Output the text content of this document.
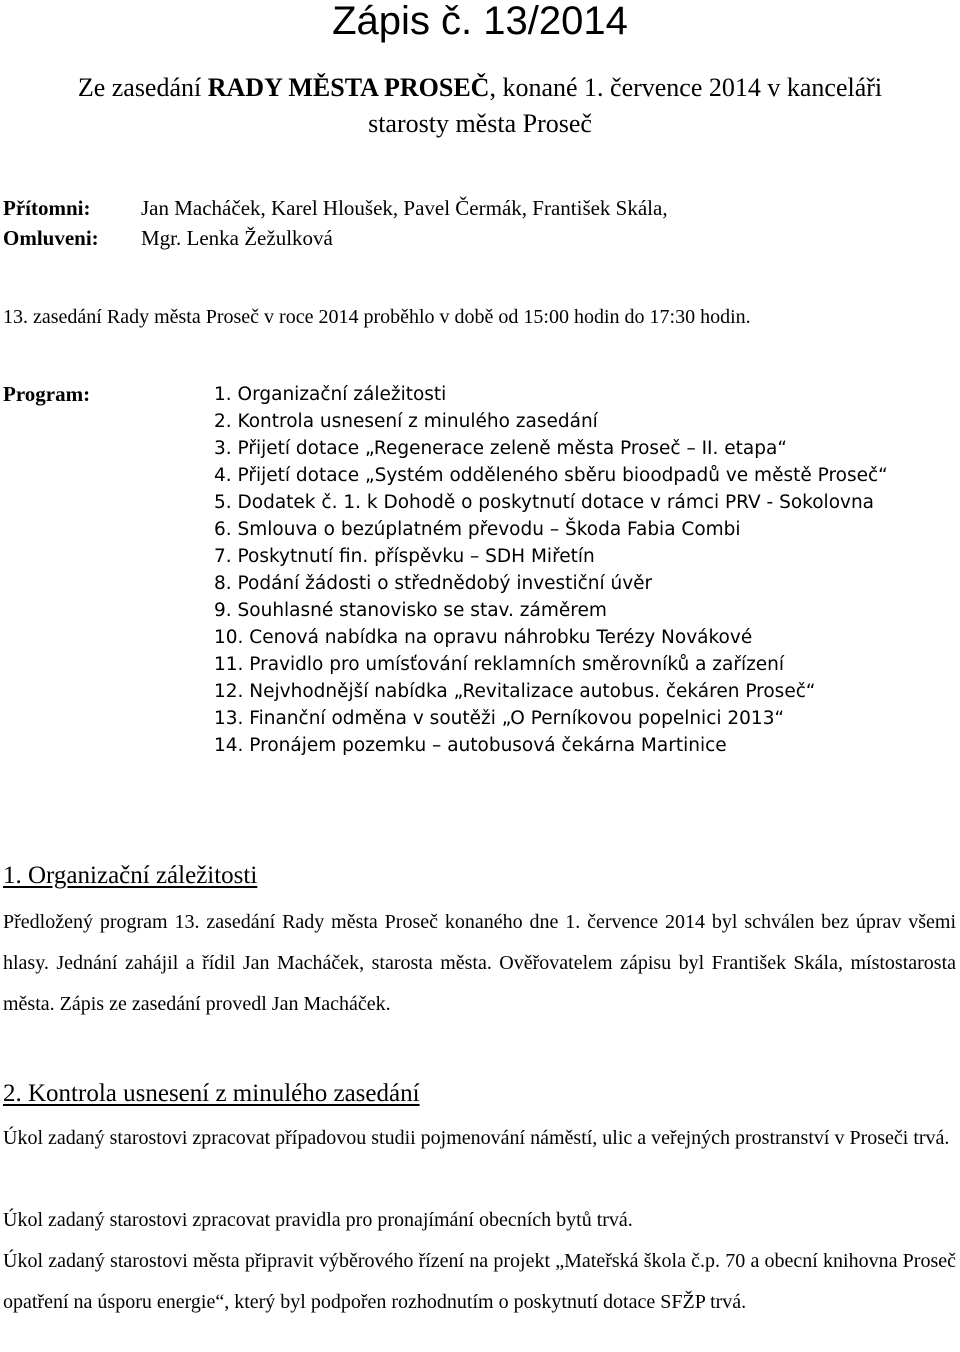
Zápis č. 13/2014
Ze zasedání RADY MĚSTA PROSEČ, konané 1. července 2014 v kanceláři
starosty města Proseč
Přítomni: Jan Macháček, Karel Hloušek, Pavel Čermák, František Skála,
Omluveni: Mgr. Lenka Žežulková
13. zasedání Rady města Proseč v roce 2014 proběhlo v době od 15:00 hodin do 17:30 hodin.
Program:	1. Organizační záležitosti
2. Kontrola usnesení z minulého zasedání
3. Přijetí dotace „Regenerace zeleně města Proseč – II. etapa“
4. Přijetí dotace „Systém odděleného sběru bioodpadů ve městě Proseč“
5. Dodatek č. 1. k Dohodě o poskytnutí dotace v rámci PRV - Sokolovna
6. Smlouva o bezúplatném převodu – Škoda Fabia Combi
7. Poskytnutí fin. příspěvku – SDH Miřetín
8. Podání žádosti o střednědobý investiční úvěr
9. Souhlasné stanovisko se stav. záměrem
10. Cenová nabídka na opravu náhrobku Terézy Novákové
11. Pravidlo pro umísťování reklamních směrovníků a zařízení
12. Nejvhodnější nabídka „Revitalizace autobus. čekáren Proseč“
13. Finanční odměna v soutěži „O Perníkovou popelnici 2013“
14. Pronájem pozemku – autobusová čekárna Martinice
1. Organizační záležitosti

Předložený program 13. zasedání Rady města Proseč konaného dne 1. července 2014 byl schválen bez úprav všemi hlasy. Jednání zahájil a řídil Jan Macháček, starosta města. Ověřovatelem zápisu byl František Skála, místostarosta města. Zápis ze zasedání provedl Jan Macháček.

2. Kontrola usnesení z minulého zasedání

Úkol zadaný starostovi zpracovat případovou studii pojmenování náměstí, ulic a veřejných prostranství v Proseči trvá.

Úkol zadaný starostovi zpracovat pravidla pro pronajímání obecních bytů trvá.

Úkol zadaný starostovi města připravit výběrového řízení na projekt „Mateřská škola č.p. 70 a obecní knihovna Proseč opatření na úsporu energie“, který byl podpořen rozhodnutím o poskytnutí dotace SFŽP trvá.
